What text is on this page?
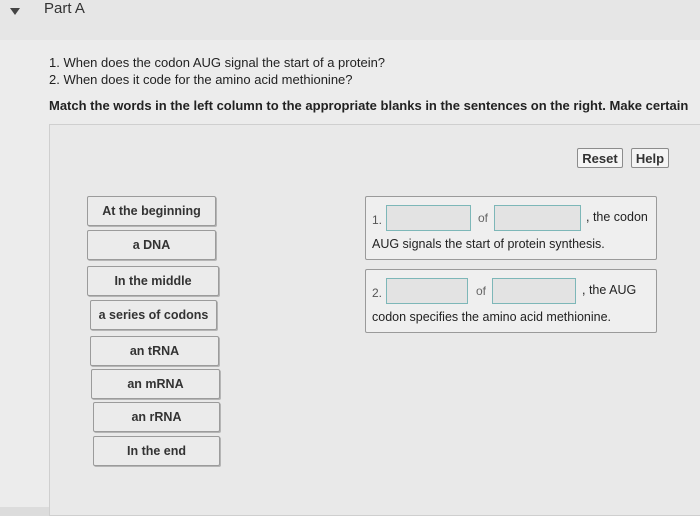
Part A
1. When does the codon AUG signal the start of a protein?
2. When does it code for the amino acid methionine?
Match the words in the left column to the appropriate blanks in the sentences on the right. Make certain
Reset	Help
At the beginning
a DNA
In the middle
a series of codons
an tRNA
an mRNA
an rRNA
In the end
1.	of	, the codon
AUG signals the start of protein synthesis.
2.	of	, the AUG
codon specifies the amino acid methionine.
